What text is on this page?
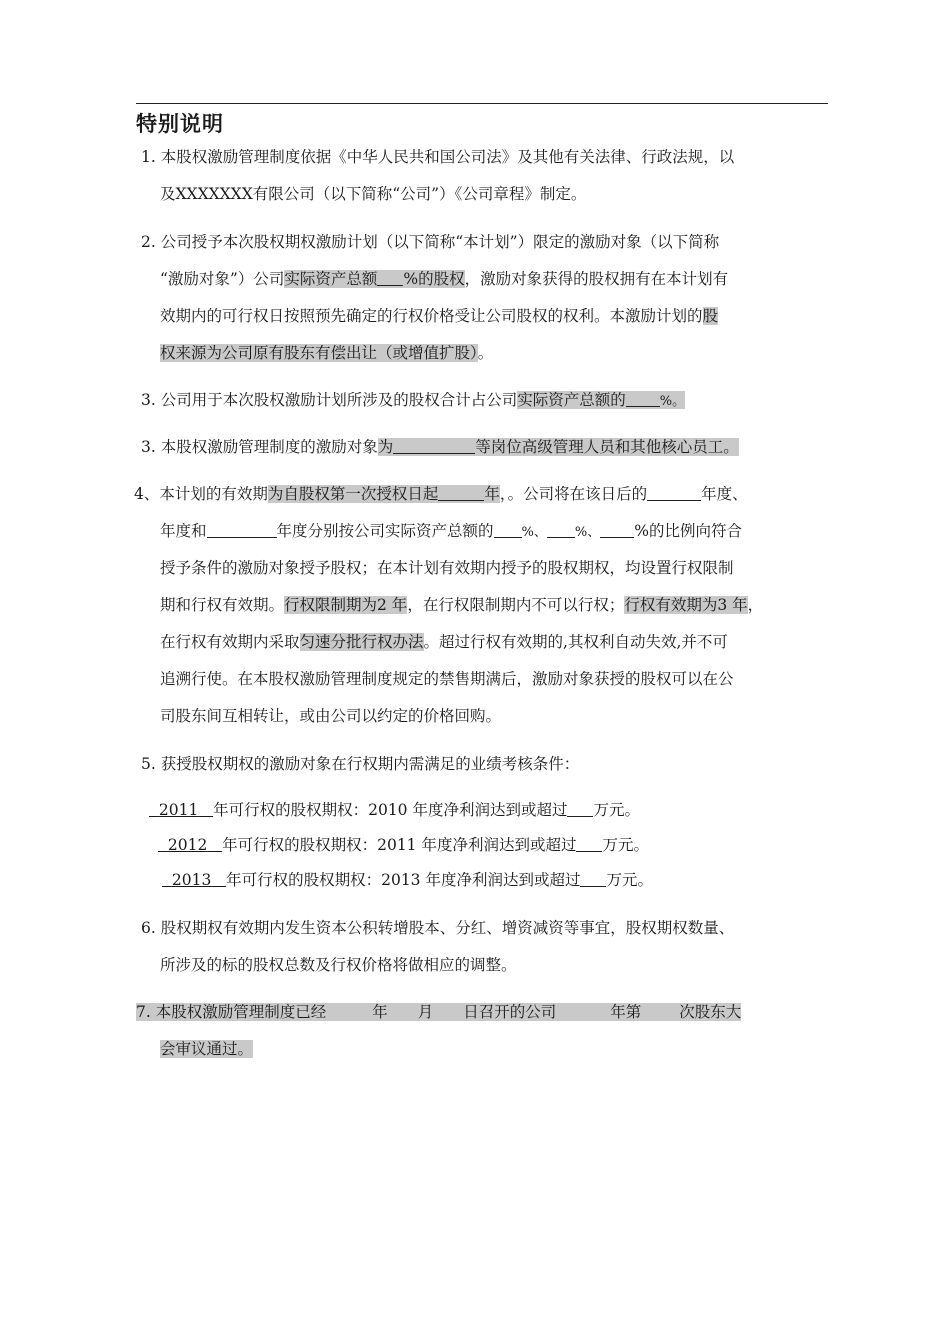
特别说明
1. 本股权激励管理制度依据《中华人民共和国公司法》及其他有关法律、行政法规，以
及XXXXXXX有限公司（以下简称“公司”）《公司章程》制定。
2. 公司授予本次股权期权激励计划（以下简称“本计划”）限定的激励对象（以下简称
“激励对象”）公司实际资产总额 %的股权，激励对象获得的股权拥有在本计划有
效期内的可行权日按照预先确定的行权价格受让公司股权的权利。本激励计划的股
权来源为公司原有股东有偿出让（或增值扩股）。
3. 公司用于本次股权激励计划所涉及的股权合计占公司实际资产总额的	%。
3. 本股权激励管理制度的激励对象为	等岗位高级管理人员和其他核心员工。
4、本计划的有效期为自股权第一次授权日起	年，。公司将在该日后的	年度、
年度和	年度分别按公司实际资产总额的 %、 %、 %的比例向符合
授予条件的激励对象授予股权；在本计划有效期内授予的股权期权，均设置行权限制
期和行权有效期。行权限制期为2 年，在行权限制期内不可以行权；行权有效期为3 年，
在行权有效期内采取匀速分批行权办法。超过行权有效期的,其权利自动失效,并不可
追溯行使。在本股权激励管理制度规定的禁售期满后，激励对象获授的股权可以在公
司股东间互相转让，或由公司以约定的价格回购。
5. 获授股权期权的激励对象在行权期内需满足的业绩考核条件：
2011 年可行权的股权期权：2010 年度净利润达到或超过 万元。
2012 年可行权的股权期权：2011 年度净利润达到或超过 万元。
2013 年可行权的股权期权：2013 年度净利润达到或超过 万元。
6. 股权期权有效期内发生资本公积转增股本、分红、增资减资等事宜，股权期权数量、
所涉及的标的股权总数及行权价格将做相应的调整。
7. 本股权激励管理制度已经	年 月 日召开的公司	年第 次股东大
会审议通过。
